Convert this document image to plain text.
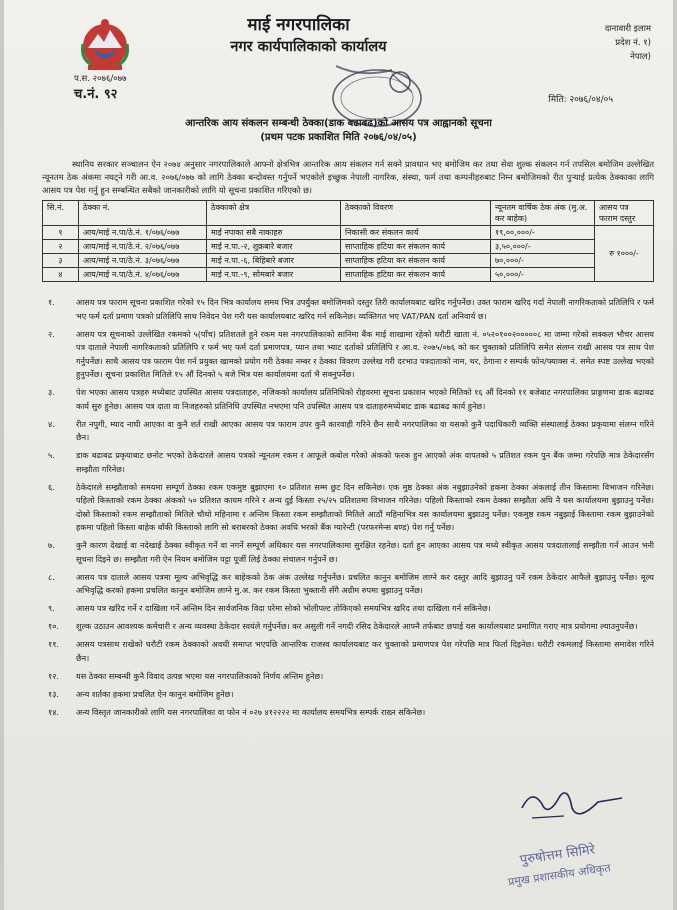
प.स. २०७६/०७७
च.नं. ९२
माई नगरपालिका
नगर कार्यपालिकाको कार्यालय
दानावारी इलाम
प्रदेश नं. १)
नेपाल)
मिति: २०७६/०४/०५
आन्तरिक आय संकलन सम्बन्धी ठेक्का(डाक बढाबढ)को आसय पत्र आह्वानको सूचना
(प्रथम पटक प्रकाशित मिति २०७६/०४/०५)

स्थानिय सरकार सञ्चालन ऐन २०७४ अनुसार नगरपालिकाले आफ्नो क्षेत्रभित्र आन्तरिक आय संकलन गर्न सक्ने प्रावधान भए बमोजिम कर तथा सेवा शुल्क संकलन गर्न तपसिल बमोजिम उल्लेखित न्यूनतम ठेक अंकमा नघट्ने गरी आ.व. २०७६/०७७ को लागि ठेक्का बन्दोवस्त गर्नुपर्ने भएकोले इच्छुक नेपाली नागरिक, संस्था, फर्म तथा कम्पनीहरुबाट निम्न बमोजिमको रीत पुऱ्याई प्रत्येक ठेक्काका लागि आसय पत्र पेश गर्नु हुन सम्बन्धित सबैको जानकारीको लागि यो सूचना प्रकाशित गरिएको छ।

सि.नं.	ठेक्का नं.	ठेक्काको क्षेत्र	ठेक्काको विवरण	न्यूनतम वार्षिक ठेक अंक (मु.अ. कर बाहेक)	आसय पत्र फाराम दस्तुर
१	आय/माई न.पा/ठे.नं. १/०७६/०७७	माई नपाका सबै नाकाहरु	निकासी कर संकलन कार्य	१९,००,०००/-	रु १०००/-
२	आय/माई न.पा/ठे.नं. २/०७६/०७७	माई न.पा.-२, शुक्रबारे बजार	साप्ताहिक हटिया कर संकलन कार्य	३,५०,०००/-	
३	आय/माई न.पा/ठे.नं. ३/०७६/०७७	माई न.पा.-६, बिहिबारे बजार	साप्ताहिक हटिया कर संकलन कार्य	७०,०००/-	
४	आय/माई न.पा/ठे.नं. ४/०७६/०७७	माई न.पा.-९, सोमबारे बजार	साप्ताहिक हटिया कर संकलन कार्य	५०,०००/-	
१.	आसय पत्र फाराम सूचना प्रकाशित गरेको १५ दिन भित्र कार्यालय समय भित्र उपर्युक्त बमोजिमको दस्तुर तिरी कार्यालयबाट खरिद गर्नुपर्नेछ। उक्त फाराम खरिद गर्दा नेपाली नागरिकताको प्रतिलिपि र फर्म भए फर्म दर्ता प्रमाण पत्रको प्रतिलिपि साथ निवेदन पेश गरी यस कार्यालयबाट खरिद गर्न सकिनेछ। व्यक्तिगत भए VAT/PAN दर्ता अनिवार्य छ।
२.	आसय पत्र सूचनाको उल्लेखित रकमको ५(पाँच) प्रतिशतले हुने रकम यस नगरपालिकाको सानिमा बैंक माई शाखामा रहेको धरौटी खाता नं. ०५२०१००२०००००८ मा जम्मा गरेको सक्कल भौचर आसय पत्र दाताले नेपाली नागरिकताको प्रतिलिपि र फर्म भए फर्म दर्ता प्रमाणपत्र, प्यान तथा भ्याट दर्ताको प्रतिलिपि र आ.व. २०७५/०७६ को कर चुक्ताको प्रतिलिपि समेत संलग्न राखी आसय पत्र साथ पेश गर्नुपर्नेछ। साथै आसय पत्र फाराम पेश गर्न प्रयुक्त खामको प्रयोग गरी ठेक्का नम्बर र ठेक्का विवरण उल्लेख गरी दरभाउ पत्रदाताको नाम, थर, ठेगाना र सम्पर्क फोन/फ्याक्स नं. समेत स्पष्ट उल्लेख भएको हुनुपर्नेछ। सूचना प्रकाशित मितिले १५ औं दिनको ५ बजे भित्र यस कार्यालयमा दर्ता भै सक्नुपर्नेछ।
३.	पेश भएका आसय पत्रहरु मध्येबाट उपस्थित आसय पत्रदाताहरु, नजिकको कार्यालय प्रतिनिधिको रोहवरमा सूचना प्रकाशन भएको मितिको १६ औं दिनको ११ बजेबाट नगरपालिका प्राङ्गणमा डाक बढाबढ कार्य सुरु हुनेछ। आसय पत्र दाता वा निजहरुको प्रतिनिधि उपस्थित नभएमा पनि उपस्थित आसय पत्र दाताहरुमध्येबाट डाक बढाबढ कार्य हुनेछ।
४.	रीत नपुगी, म्याद नाघी आएका वा कुनै शर्त राखी आएका आसय पत्र फाराम उपर कुनै कारवाही गरिने छैन साथै नगरपालिका वा यसको कुनै पदाधिकारी व्यक्ति संस्थालाई ठेक्का प्रकृयामा संलग्न गरिने छैन।
५.	डाक बढाबढ प्रकृयाबाट छनोट भएको ठेकेदारले आसय पत्रको न्यूनतम रकम र आफूले कबोल गरेको अंकको फरक हुन आएको अंक वापतको ५ प्रतिशत रकम पुन बैंक जम्मा गरेपछि मात्र ठेकेदारसँग सम्झौता गरिनेछ।
६.	ठेकेदारले सम्झौताको समयमा सम्पूर्ण ठेक्का रकम एकमुष्ट बुझाएमा १० प्रतिशत सम्म छुट दिन सकिनेछ। एक मुष्ठ ठेक्का अंक नबुझाउनेको हकमा ठेक्का अंकलाई तीन किस्तामा विभाजन गरिनेछ। पहिलो किस्ताको रकम ठेक्का अंकको ५० प्रतिशत कायम गरिने र अन्य दुई किस्ता २५/२५ प्रतिशतमा विभाजन गरिनेछ। पहिलो किस्ताको रकम ठेक्का सम्झौता अघि नै यस कार्यालयमा बुझाउनु पर्नेछ। दोस्रो किस्ताको रकम सम्झौताको मितिले चौथो महिनामा र अन्तिम किस्ता रकम सम्झौताको मितिले आठौं महिनाभित्र यस कार्यालयमा बुझाउनु पर्नेछ। एकमुष्ठ रकम नबुझाई किस्तामा रकम बुझाउनेको हकमा पहिलो किस्ता बाहेक बाँकी किस्ताको लागि सो बराबरको ठेक्का अवधि भरको बैंक ग्यारेन्टी (परफरमेन्स बण्ड) पेश गर्नु पर्नेछ।
७.	कुनै कारण देखाई वा नदेखाई ठेक्का स्वीकृत गर्ने वा नगर्ने सम्पूर्ण अधिकार यस नगरपालिकामा सुरक्षित रहनेछ। दर्ता हुन आएका आसय पत्र मध्ये स्वीकृत आसय पत्रदातालाई सम्झौता गर्न आउन भनी सूचना दिइने छ। सम्झौता गरी ऐन नियम बमोजिम पट्टा पूर्जी लिई ठेक्का संचालन गर्नुपर्ने छ।
८.	आसय पत्र दाताले आसय पत्रमा मूल्य अभिवृद्धि कर बाहेकको ठेक अंक उल्लेख गर्नुपर्नेछ। प्रचलित कानुन बमोजिम लाग्ने कर दस्तुर आदि बुझाउनु पर्ने रकम ठेकेदार आफैले बुझाउनु पर्नेछ। मूल्य अभिवृद्धि करको हकमा प्रचलित कानुन बमोजिम लाग्ने मु.अ. कर रकम किस्ता भुक्तानी सँगै अग्रीम रुपमा बुझाउनु पर्नेछ।
९.	आसय पत्र खरिद गर्ने र दाखिला गर्ने अन्तिम दिन सार्वजनिक विदा परेमा सोको भोलीपल्ट तोकिएको समयभित्र खरिद तथा दाखिला गर्न सकिनेछ।
१०.	शुल्क उठाउन आवश्यक कर्मचारी र अन्य व्यवस्था ठेकेदार स्वयंले गर्नुपर्नेछ। कर असुली गर्ने नगदी रसिद ठेकेदारले आफ्नै तर्फबाट छपाई यस कार्यालयबाट प्रमाणित गराए मात्र प्रयोगमा ल्याउनुपर्नेछ।
११.	आसय पत्रसाथ राखेको धरौटी रकम ठेक्काको अवधी समाप्त भएपछि आन्तरिक राजस्व कार्यालयबाट कर चुक्ताको प्रमाणपत्र पेश गरेपछि मात्र फिर्ता दिइनेछ। धरौटी रकमलाई किस्तामा समावेश गरिने छैन।
१२.	यस ठेक्का सम्बन्धी कुनै विवाद उत्पन्न भएमा यस नगरपालिकाको निर्णय अन्तिम हुनेछ।
१३.	अन्य शर्तका हकमा प्रचलित ऐन कानुन बमोजिम हुनेछ।
१४.	अन्य विस्तृत जानकारीको लागि यस नगरपालिका वा फोन नं ०२७ ४१२२२२ मा कार्यालय समयभित्र सम्पर्क राख्न सकिनेछ।
पुरुषोत्तम सिमिरे
प्रमुख प्रशासकीय अधिकृत
